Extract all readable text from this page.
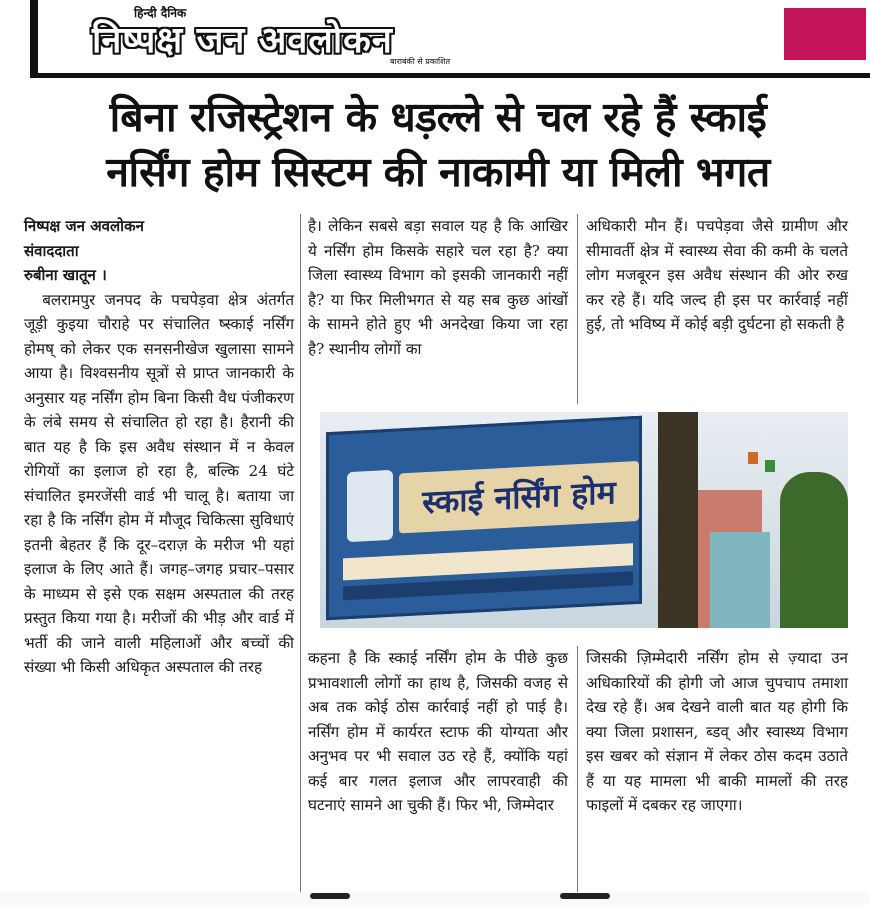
हिन्दी दैनिक
निष्पक्ष जन अवलोकन
बाराबंकी से प्रकाशित
बिना रजिस्ट्रेशन के धड़ल्ले से चल रहे हैं स्काई
नर्सिंग होम सिस्टम की नाकामी या मिली भगत
निष्पक्ष जन अवलोकन
संवाददाता
रुबीना खातून ।

बलरामपुर जनपद के पचपेड़वा क्षेत्र अंतर्गत जूड़ी कुइया चौराहे पर संचालित ष्स्काई नर्सिंग होमष् को लेकर एक सनसनीखेज खुलासा सामने आया है। विश्वसनीय सूत्रों से प्राप्त जानकारी के अनुसार यह नर्सिंग होम बिना किसी वैध पंजीकरण के लंबे समय से संचालित हो रहा है। हैरानी की बात यह है कि इस अवैध संस्थान में न केवल रोगियों का इलाज हो रहा है, बल्कि 24 घंटे संचालित इमरजेंसी वार्ड भी चालू है। बताया जा रहा है कि नर्सिंग होम में मौजूद चिकित्सा सुविधाएं इतनी बेहतर हैं कि दूर–दराज़ के मरीज भी यहां इलाज के लिए आते हैं। जगह–जगह प्रचार–पसार के माध्यम से इसे एक सक्षम अस्पताल की तरह प्रस्तुत किया गया है। मरीजों की भीड़ और वार्ड में भर्ती की जाने वाली महिलाओं और बच्चों की संख्या भी किसी अधिकृत अस्पताल की तरह

है। लेकिन सबसे बड़ा सवाल यह है कि आखिर ये नर्सिंग होम किसके सहारे चल रहा है? क्या जिला स्वास्थ्य विभाग को इसकी जानकारी नहीं है? या फिर मिलीभगत से यह सब कुछ आंखों के सामने होते हुए भी अनदेखा किया जा रहा है? स्थानीय लोगों का
अधिकारी मौन हैं। पचपेड़वा जैसे ग्रामीण और सीमावर्ती क्षेत्र में स्वास्थ्य सेवा की कमी के चलते लोग मजबूरन इस अवैध संस्थान की ओर रुख कर रहे हैं। यदि जल्द ही इस पर कार्रवाई नहीं हुई, तो भविष्य में कोई बड़ी दुर्घटना हो सकती है
स्काई नर्सिंग होम
कहना है कि स्काई नर्सिंग होम के पीछे कुछ प्रभावशाली लोगों का हाथ है, जिसकी वजह से अब तक कोई ठोस कार्रवाई नहीं हो पाई है। नर्सिंग होम में कार्यरत स्टाफ की योग्यता और अनुभव पर भी सवाल उठ रहे हैं, क्योंकि यहां कई बार गलत इलाज और लापरवाही की घटनाएं सामने आ चुकी हैं। फिर भी, जिम्मेदार
जिसकी ज़िम्मेदारी नर्सिंग होम से ज़्यादा उन अधिकारियों की होगी जो आज चुपचाप तमाशा देख रहे हैं। अब देखने वाली बात यह होगी कि क्या जिला प्रशासन, ब्डव् और स्वास्थ्य विभाग इस खबर को संज्ञान में लेकर ठोस कदम उठाते हैं या यह मामला भी बाकी मामलों की तरह फाइलों में दबकर रह जाएगा।
